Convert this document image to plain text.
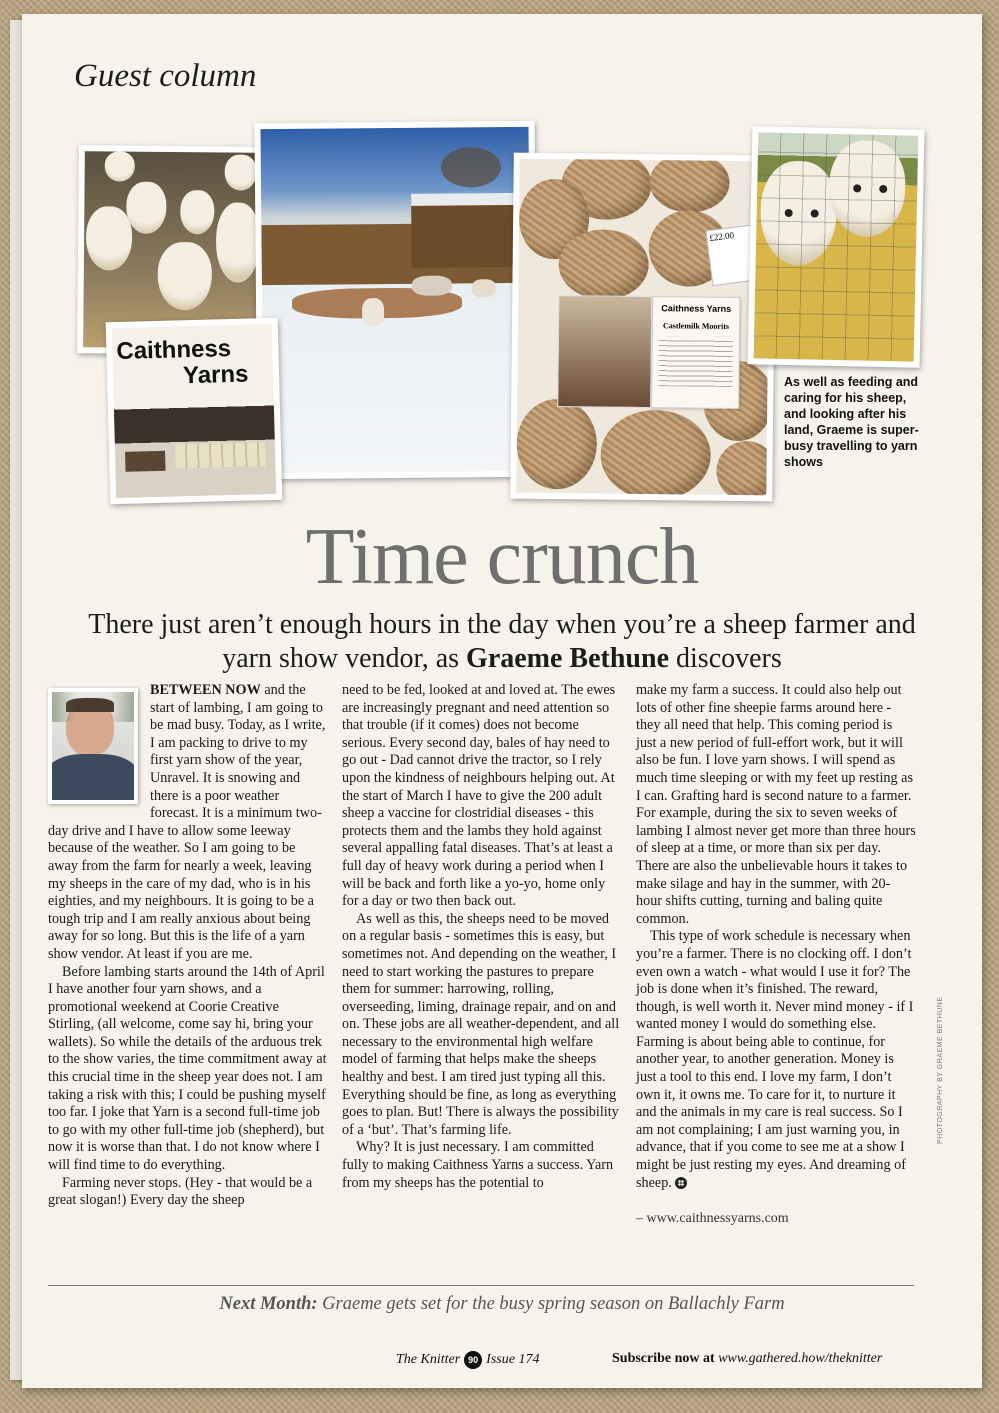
Guest column
Caithness
Yarns
£22.00
Caithness Yarns
Castlemilk Moorits
As well as feeding and caring for his sheep, and looking after his land, Graeme is super-busy travelling to yarn shows
Time crunch
There just aren’t enough hours in the day when you’re a sheep farmer and yarn show vendor, as Graeme Bethune discovers

BETWEEN NOW and the start of lambing, I am going to be mad busy. Today, as I write, I am packing to drive to my first yarn show of the year, Unravel. It is snowing and there is a poor weather forecast. It is a minimum two-day drive and I have to allow some leeway because of the weather. So I am going to be away from the farm for nearly a week, leaving my sheeps in the care of my dad, who is in his eighties, and my neighbours. It is going to be a tough trip and I am really anxious about being away for so long. But this is the life of a yarn show vendor. At least if you are me.

Before lambing starts around the 14th of April I have another four yarn shows, and a promotional weekend at Coorie Creative Stirling, (all welcome, come say hi, bring your wallets). So while the details of the arduous trek to the show varies, the time commitment away at this crucial time in the sheep year does not. I am taking a risk with this; I could be pushing myself too far. I joke that Yarn is a second full-time job to go with my other full-time job (shepherd), but now it is worse than that. I do not know where I will find time to do everything.

Farming never stops. (Hey - that would be a great slogan!) Every day the sheep

need to be fed, looked at and loved at. The ewes are increasingly pregnant and need attention so that trouble (if it comes) does not become serious. Every second day, bales of hay need to go out - Dad cannot drive the tractor, so I rely upon the kindness of neighbours helping out. At the start of March I have to give the 200 adult sheep a vaccine for clostridial diseases - this protects them and the lambs they hold against several appalling fatal diseases. That’s at least a full day of heavy work during a period when I will be back and forth like a yo-yo, home only for a day or two then back out.

As well as this, the sheeps need to be moved on a regular basis - sometimes this is easy, but sometimes not. And depending on the weather, I need to start working the pastures to prepare them for summer: harrowing, rolling, overseeding, liming, drainage repair, and on and on. These jobs are all weather-dependent, and all necessary to the environmental high welfare model of farming that helps make the sheeps healthy and best. I am tired just typing all this. Everything should be fine, as long as everything goes to plan. But! There is always the possibility of a ‘but’. That’s farming life.

Why? It is just necessary. I am committed fully to making Caithness Yarns a success. Yarn from my sheeps has the potential to

make my farm a success. It could also help out lots of other fine sheepie farms around here - they all need that help. This coming period is just a new period of full-effort work, but it will also be fun. I love yarn shows. I will spend as much time sleeping or with my feet up resting as I can. Grafting hard is second nature to a farmer. For example, during the six to seven weeks of lambing I almost never get more than three hours of sleep at a time, or more than six per day. There are also the unbelievable hours it takes to make silage and hay in the summer, with 20-hour shifts cutting, turning and baling quite common.

This type of work schedule is necessary when you’re a farmer. There is no clocking off. I don’t even own a watch - what would I use it for? The job is done when it’s finished. The reward, though, is well worth it. Never mind money - if I wanted money I would do something else. Farming is about being able to continue, for another year, to another generation. Money is just a tool to this end. I love my farm, I don’t own it, it owns me. To care for it, to nurture it and the animals in my care is real success. So I am not complaining; I am just warning you, in advance, that if you come to see me at a show I might be just resting my eyes. And dreaming of sheep.

– www.caithnessyarns.com
PHOTOGRAPHY BY GRAEME BETHUNE
Next Month: Graeme gets set for the busy spring season on Ballachly Farm
The Knitter 90 Issue 174	Subscribe now at www.gathered.how/theknitter
